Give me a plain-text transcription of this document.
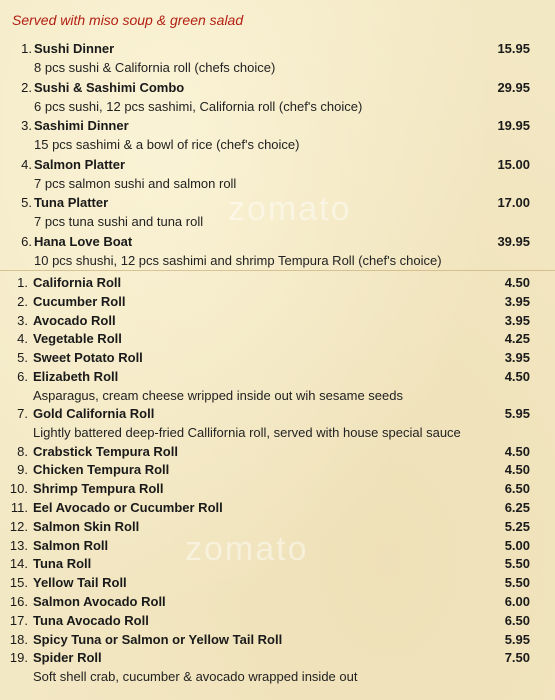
Served with miso soup & green salad
zomato
zomato
1. Sushi Dinner	15.95
8 pcs sushi & California roll (chefs choice)
2. Sushi & Sashimi Combo	29.95
6 pcs sushi, 12 pcs sashimi, California roll (chef's choice)
3. Sashimi Dinner	19.95
15 pcs sashimi & a bowl of rice (chef's choice)
4. Salmon Platter	15.00
7 pcs salmon sushi and salmon roll
5. Tuna Platter	17.00
7 pcs tuna sushi and tuna roll
6. Hana Love Boat	39.95
10 pcs shushi, 12 pcs sashimi and shrimp Tempura Roll (chef's choice)
1. California Roll	4.50
2. Cucumber Roll	3.95
3. Avocado Roll	3.95
4. Vegetable Roll	4.25
5. Sweet Potato Roll	3.95
6. Elizabeth Roll	4.50
Asparagus, cream cheese wripped inside out wih sesame seeds
7. Gold California Roll	5.95
Lightly battered deep-fried Callifornia roll, served with house special sauce
8. Crabstick Tempura Roll	4.50
9. Chicken Tempura Roll	4.50
10. Shrimp Tempura Roll	6.50
11. Eel Avocado or Cucumber Roll	6.25
12. Salmon Skin Roll	5.25
13. Salmon Roll	5.00
14. Tuna Roll	5.50
15. Yellow Tail Roll	5.50
16. Salmon Avocado Roll	6.00
17. Tuna Avocado Roll	6.50
18. Spicy Tuna or Salmon or Yellow Tail Roll	5.95
19. Spider Roll	7.50
Soft shell crab, cucumber & avocado wrapped inside out
